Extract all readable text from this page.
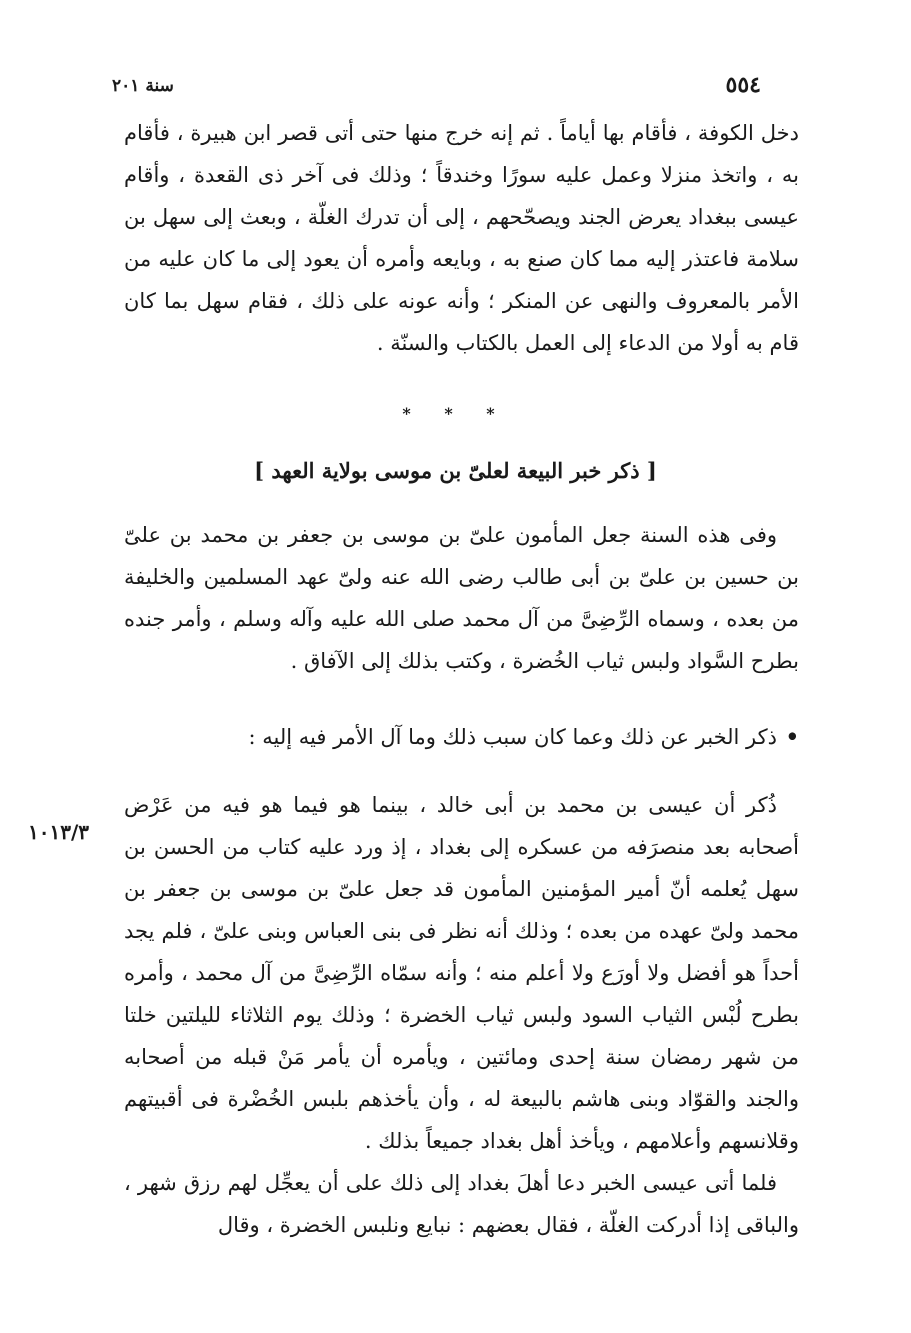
٥٥٤
سنة ٢٠١

دخل الكوفة ، فأقام بها أياماً . ثم إنه خرج منها حتى أتى قصر ابن هبيرة ، فأقام به ، واتخذ منزلا وعمل عليه سورًا وخندقاً ؛ وذلك فى آخر ذى القعدة ، وأقام عيسى ببغداد يعرض الجند ويصحّحهم ، إلى أن تدرك الغلّة ، وبعث إلى سهل بن سلامة فاعتذر إليه مما كان صنع به ، وبايعه وأمره أن يعود إلى ما كان عليه من الأمر بالمعروف والنهى عن المنكر ؛ وأنه عونه على ذلك ، فقام سهل بما كان قام به أولا من الدعاء إلى العمل بالكتاب والسنّة .

* * *
[ ذكر خبر البيعة لعلىّ بن موسى بولاية العهد ]

وفى هذه السنة جعل المأمون علىّ بن موسى بن جعفر بن محمد بن علىّ بن حسين بن علىّ بن أبى طالب رضى الله عنه ولىّ عهد المسلمين والخليفة من بعده ، وسماه الرِّضِىَّ من آل محمد صلى الله عليه وآله وسلم ، وأمر جنده بطرح السَّواد ولبس ثياب الخُضرة ، وكتب بذلك إلى الآفاق .

•ذكر الخبر عن ذلك وعما كان سبب ذلك وما آل الأمر فيه إليه :

ذُكر أن عيسى بن محمد بن أبى خالد ، بينما هو فيما هو فيه من عَرْض أصحابه بعد منصرَفه من عسكره إلى بغداد ، إذ ورد عليه كتاب من الحسن بن سهل يُعلمه أنّ أمير المؤمنين المأمون قد جعل علىّ بن موسى بن جعفر بن محمد ولىّ عهده من بعده ؛ وذلك أنه نظر فى بنى العباس وبنى علىّ ، فلم يجد أحداً هو أفضل ولا أورَع ولا أعلم منه ؛ وأنه سمّاه الرِّضِىَّ من آل محمد ، وأمره بطرح لُبْس الثياب السود ولبس ثياب الخضرة ؛ وذلك يوم الثلاثاء لليلتين خلتا من شهر رمضان سنة إحدى ومائتين ، ويأمره أن يأمر مَنْ قبله من أصحابه والجند والقوّاد وبنى هاشم بالبيعة له ، وأن يأخذهم بلبس الخُضْرة فى أقبيتهم وقلانسهم وأعلامهم ، ويأخذ أهل بغداد جميعاً بذلك .

١٠١٣/٣

فلما أتى عيسى الخبر دعا أهلَ بغداد إلى ذلك على أن يعجِّل لهم رزق شهر ، والباقى إذا أدركت الغلّة ، فقال بعضهم : نبايع ونلبس الخضرة ، وقال
